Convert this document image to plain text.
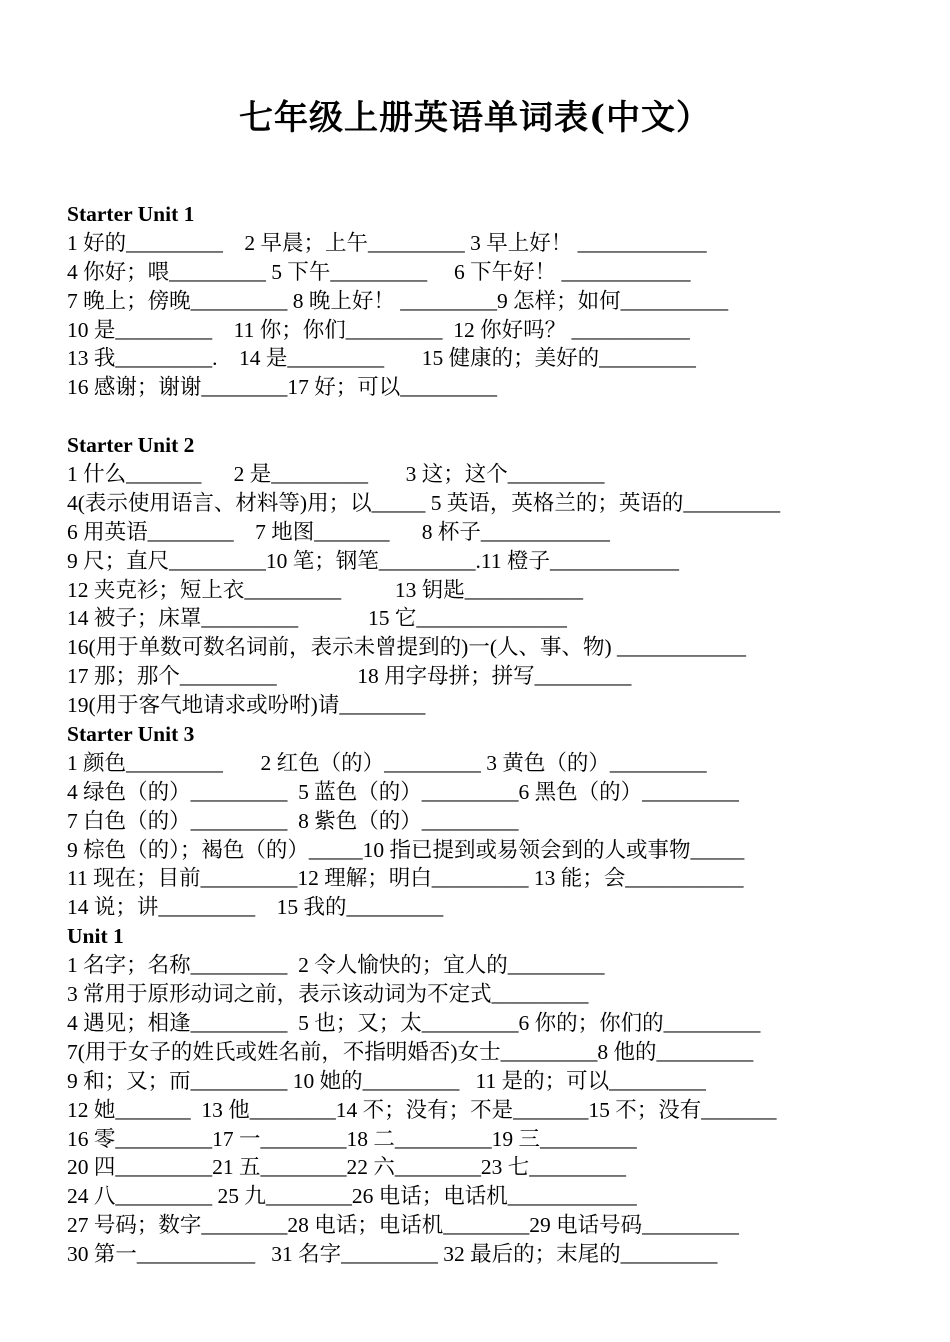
七年级上册英语单词表(中文）
Starter Unit 1
1 好的_________    2 早晨；上午_________ 3 早上好！ ____________
4 你好；喂_________ 5 下午_________     6 下午好！ ____________
7 晚上；傍晚_________ 8 晚上好！ _________9 怎样；如何__________
10 是_________    11 你；你们_________  12 你好吗？ ___________
13 我_________.    14 是_________       15 健康的；美好的_________
16 感谢；谢谢________17 好；可以_________
Starter Unit 2
1 什么_______      2 是_________       3 这；这个_________
4(表示使用语言、材料等)用；以_____ 5 英语，英格兰的；英语的_________
6 用英语________    7 地图_______      8 杯子____________
9 尺；直尺_________10 笔；钢笔_________.11 橙子____________
12 夹克衫；短上衣_________          13 钥匙___________
14 被子；床罩_________             15 它______________
16(用于单数可数名词前，表示未曾提到的)一(人、事、物) ____________
17 那；那个_________               18 用字母拼；拼写_________
19(用于客气地请求或吩咐)请________
Starter Unit 3
1 颜色_________       2 红色（的）_________ 3 黄色（的）_________
4 绿色（的）_________  5 蓝色（的）_________6 黑色（的）_________
7 白色（的）_________  8 紫色（的）_________
9 棕色（的）；褐色（的）_____10 指已提到或易领会到的人或事物_____
11 现在；目前_________12 理解；明白_________ 13 能；会___________
14 说；讲_________    15 我的_________
Unit 1
1 名字；名称_________  2 令人愉快的；宜人的_________
3 常用于原形动词之前，表示该动词为不定式_________
4 遇见；相逢_________  5 也；又；太_________6 你的；你们的_________
7(用于女子的姓氏或姓名前，不指明婚否)女士_________8 他的_________
9 和；又；而_________ 10 她的_________   11 是的；可以_________
12 她_______  13 他________14 不；没有；不是_______15 不；没有_______
16 零_________17 一________18 二_________19 三_________
20 四_________21 五________22 六________23 七_________
24 八_________ 25 九________26 电话；电话机____________
27 号码；数字________28 电话；电话机________29 电话号码_________
30 第一___________   31 名字_________ 32 最后的；末尾的_________
